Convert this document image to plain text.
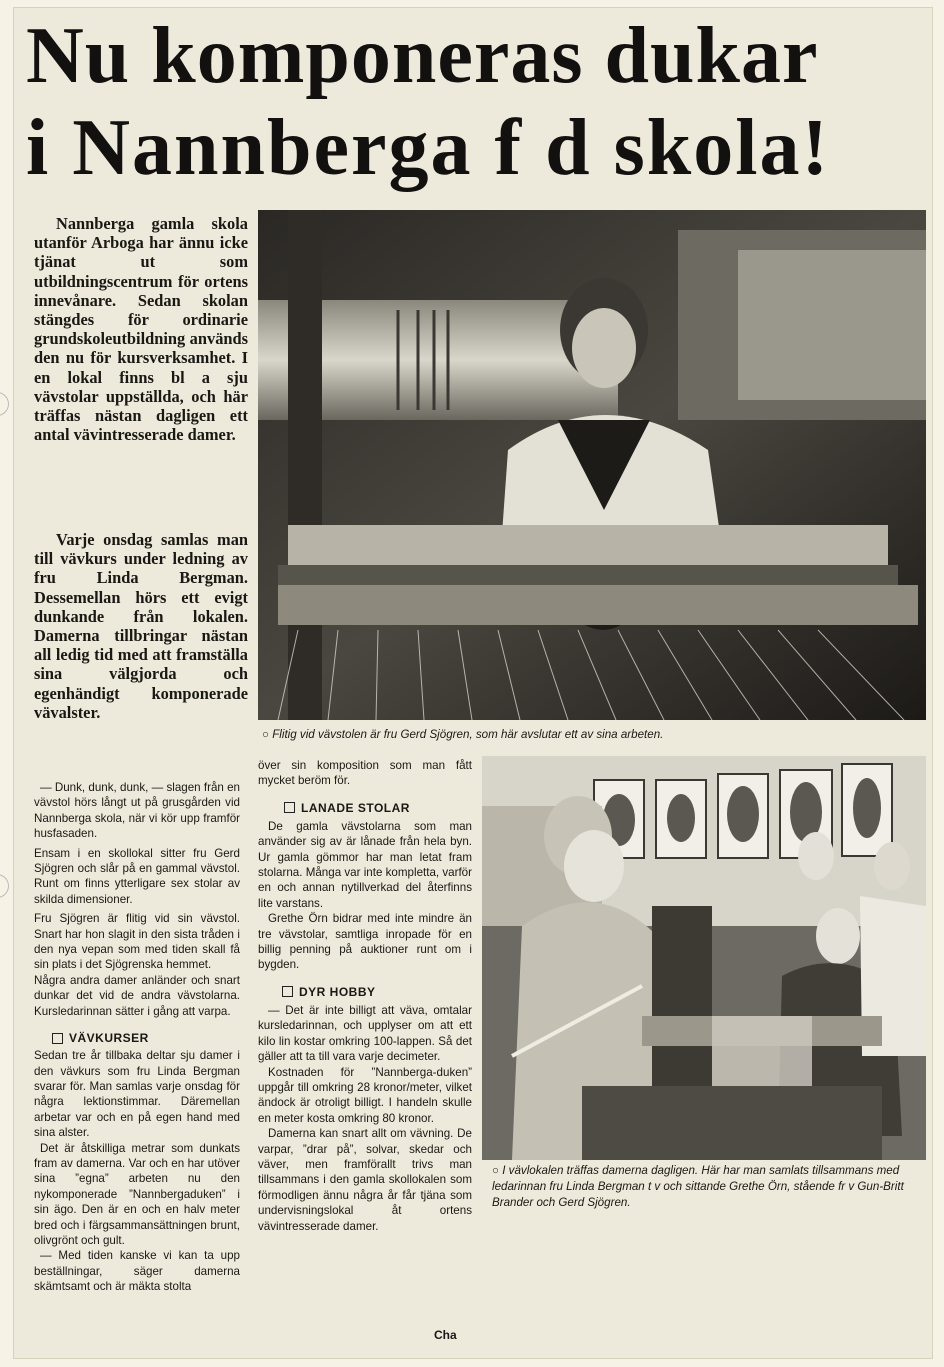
Nu komponeras dukar
i Nannberga f d skola!

Nannberga gamla skola utanför Arboga har ännu icke tjänat ut som utbildningscentrum för ortens innevånare. Sedan skolan stängdes för ordinarie grundskoleutbildning används den nu för kursverksamhet. I en lokal finns bl a sju vävstolar uppställda, och här träffas nästan dagligen ett antal vävintresserade damer.

Varje onsdag samlas man till vävkurs under ledning av fru Linda Bergman. Dessemellan hörs ett evigt dunkande från lokalen. Damerna tillbringar nästan all ledig tid med att framställa sina välgjorda och egenhändigt komponerade vävalster.

○ Flitig vid vävstolen är fru Gerd Sjögren, som här avslutar ett av sina arbeten.

○ I vävlokalen träffas damerna dagligen. Här har man samlats tillsammans med ledarinnan fru Linda Bergman t v och sittande Grethe Örn, stående fr v Gun-Britt Brander och Gerd Sjögren.

— Dunk, dunk, dunk, — slagen från en vävstol hörs långt ut på grusgården vid Nannberga skola, när vi kör upp framför husfasaden.

Ensam i en skollokal sitter fru Gerd Sjögren och slår på en gammal vävstol. Runt om finns ytterligare sex stolar av skilda dimensioner.

Fru Sjögren är flitig vid sin vävstol. Snart har hon slagit in den sista tråden i den nya vepan som med tiden skall få sin plats i det Sjögrenska hemmet.

Några andra damer anländer och snart dunkar det vid de andra vävstolarna. Kursledarinnan sätter i gång att varpa.

VÄVKURSER

Sedan tre år tillbaka deltar sju damer i den vävkurs som fru Linda Bergman svarar för. Man samlas varje onsdag för några lektionstimmar. Däremellan arbetar var och en på egen hand med sina alster.

Det är åtskilliga metrar som dunkats fram av damerna. Var och en har utöver sina ”egna” arbeten nu den nykomponerade ”Nannbergaduken” i sin ägo. Den är en och en halv meter bred och i färgsammansättningen brunt, olivgrönt och gult.

— Med tiden kanske vi kan ta upp beställningar, säger damerna skämtsamt och är mäkta stolta

över sin komposition som man fått mycket beröm för.

LANADE STOLAR

De gamla vävstolarna som man använder sig av är lånade från hela byn. Ur gamla gömmor har man letat fram stolarna. Många var inte kompletta, varför en och annan nytillverkad del återfinns lite varstans.

Grethe Örn bidrar med inte mindre än tre vävstolar, samtliga inropade för en billig penning på auktioner runt om i bygden.

DYR HOBBY

— Det är inte billigt att väva, omtalar kursledarinnan, och upplyser om att ett kilo lin kostar omkring 100-lappen. Så det gäller att ta till vara varje decimeter.

Kostnaden för ”Nannberga-duken” uppgår till omkring 28 kronor/meter, vilket ändock är otroligt billigt. I handeln skulle en meter kosta omkring 80 kronor.

Damerna kan snart allt om vävning. De varpar, ”drar på”, solvar, skedar och väver, men framförallt trivs man tillsammans i den gamla skollokalen som förmodligen ännu några år får tjäna som undervisningslokal åt ortens vävintresserade damer.

Cha
